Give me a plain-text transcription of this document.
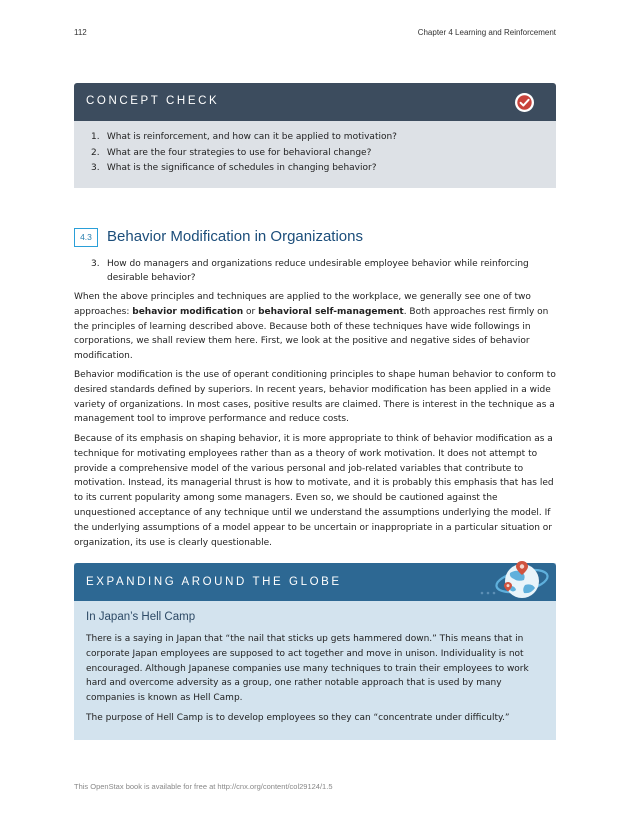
112	Chapter 4 Learning and Reinforcement
CONCEPT CHECK
1. What is reinforcement, and how can it be applied to motivation?
2. What are the four strategies to use for behavioral change?
3. What is the significance of schedules in changing behavior?
4.3	Behavior Modification in Organizations
3. How do managers and organizations reduce undesirable employee behavior while reinforcing desirable behavior?

When the above principles and techniques are applied to the workplace, we generally see one of two approaches: behavior modification or behavioral self-management. Both approaches rest firmly on the principles of learning described above. Because both of these techniques have wide followings in corporations, we shall review them here. First, we look at the positive and negative sides of behavior modification.

Behavior modification is the use of operant conditioning principles to shape human behavior to conform to desired standards defined by superiors. In recent years, behavior modification has been applied in a wide variety of organizations. In most cases, positive results are claimed. There is interest in the technique as a management tool to improve performance and reduce costs.

Because of its emphasis on shaping behavior, it is more appropriate to think of behavior modification as a technique for motivating employees rather than as a theory of work motivation. It does not attempt to provide a comprehensive model of the various personal and job-related variables that contribute to motivation. Instead, its managerial thrust is how to motivate, and it is probably this emphasis that has led to its current popularity among some managers. Even so, we should be cautioned against the unquestioned acceptance of any technique until we understand the assumptions underlying the model. If the underlying assumptions of a model appear to be uncertain or inappropriate in a particular situation or organization, its use is clearly questionable.

EXPANDING AROUND THE GLOBE
In Japan’s Hell Camp

There is a saying in Japan that “the nail that sticks up gets hammered down.” This means that in corporate Japan employees are supposed to act together and move in unison. Individuality is not encouraged. Although Japanese companies use many techniques to train their employees to work hard and overcome adversity as a group, one rather notable approach that is used by many companies is known as Hell Camp.

The purpose of Hell Camp is to develop employees so they can “concentrate under difficulty.”

This OpenStax book is available for free at http://cnx.org/content/col29124/1.5
